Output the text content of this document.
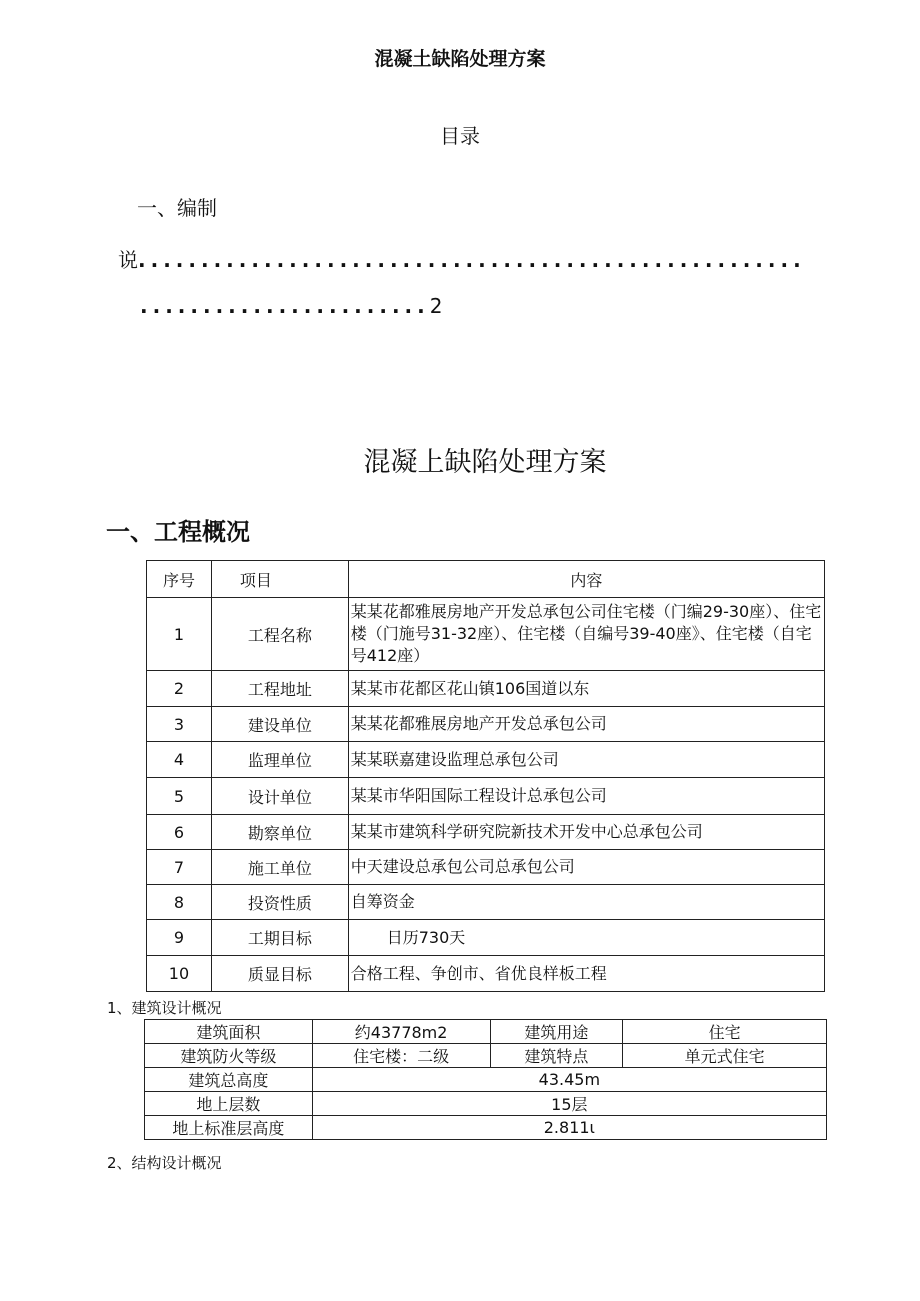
混凝土缺陷处理方案
目录
一、编制
说.....................................................
.......................2
混凝上缺陷处理方案
一、工程概况
序号	项目	内容
1	工程名称	某某花都雅展房地产开发总承包公司住宅楼（门编29-30座）、住宅楼（门施号31-32座）、住宅楼（自编号39-40座》、住宅楼（自宅号412座）
2	工程地址	某某市花都区花山镇106国道以东
3	建设单位	某某花都雅展房地产开发总承包公司
4	监理单位	某某联嘉建设监理总承包公司
5	设计单位	某某市华阳国际工程设计总承包公司
6	勘察单位	某某市建筑科学研究院新技术开发中心总承包公司
7	施工单位	中天建设总承包公司总承包公司
8	投资性质	自筹资金
9	工期目标	日历730天
10	质显目标	合格工程、争创市、省优良样板工程
1、建筑设计概况
建筑面积	约43778m2	建筑用途	住宅
建筑防火等级	住宅楼：二级	建筑特点	单元式住宅
建筑总高度	43.45m		
地上层数	15层		
地上标准层高度	2.811ι		
2、结构设计概况
